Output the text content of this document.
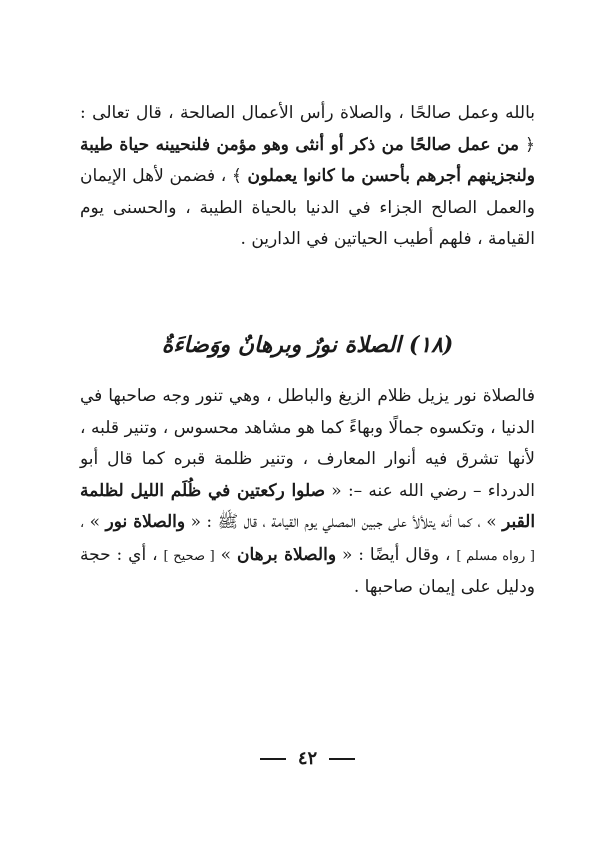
بالله وعمل صالحًا ، والصلاة رأس الأعمال الصالحة ، قال تعالى : ﴿ من عمل صالحًا من ذكر أو أنثى وهو مؤمن فلنحيينه حياة طيبة ولنجزينهم أجرهم بأحسن ما كانوا يعملون ﴾ ، فضمن لأهل الإيمان والعمل الصالح الجزاء في الدنيا بالحياة الطيبة ، والحسنى يوم القيامة ، فلهم أطيب الحياتين في الدارين .

(١٨) الصلاة نورٌ وبرهانٌ ووَضاءَةٌ

فالصلاة نور يزيل ظلام الزيغ والباطل ، وهي تنور وجه صاحبها في الدنيا ، وتكسوه جمالًا وبهاءً كما هو مشاهد محسوس ، وتنير قلبه ، لأنها تشرق فيه أنوار المعارف ، وتنير ظلمة قبره كما قال أبو الدرداء – رضي الله عنه –: « صلوا ركعتين في ظُلَم الليل لظلمة القبر » ، كما أنه يتلألأ على جبين المصلي يوم القيامة ، قال ﷺ : « والصلاة نور » ، [ رواه مسلم ] ، وقال أيضًا : « والصلاة برهان » [ صحيح ] ، أي : حجة ودليل على إيمان صاحبها .

٤٢
